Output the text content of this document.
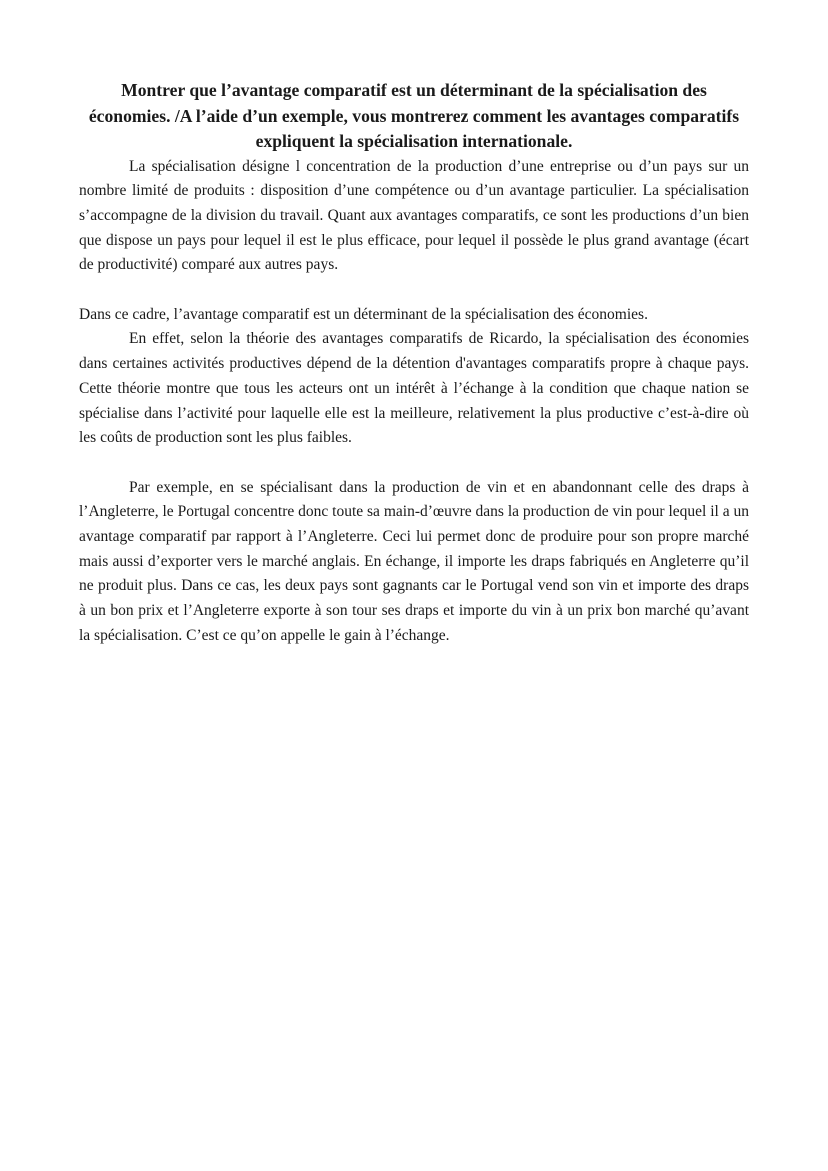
Montrer que l’avantage comparatif est un déterminant de la spécialisation des économies. /A l’aide d’un exemple, vous montrerez comment les avantages comparatifs expliquent la spécialisation internationale.

La spécialisation désigne l concentration de la production d’une entreprise ou d’un pays sur un nombre limité de produits : disposition d’une compétence ou d’un avantage particulier. La spécialisation s’accompagne de la division du travail. Quant aux avantages comparatifs, ce sont les productions d’un bien que dispose un pays pour lequel il est le plus efficace, pour lequel il possède le plus grand avantage (écart de productivité) comparé aux autres pays.

Dans ce cadre, l’avantage comparatif est un déterminant de la spécialisation des économies.

En effet, selon la théorie des avantages comparatifs de Ricardo, la spécialisation des économies dans certaines activités productives dépend de la détention d'avantages comparatifs propre à chaque pays. Cette théorie montre que tous les acteurs ont un intérêt à l’échange à la condition que chaque nation se spécialise dans l’activité pour laquelle elle est la meilleure, relativement la plus productive c’est-à-dire où les coûts de production sont les plus faibles.

Par exemple, en se spécialisant dans la production de vin et en abandonnant celle des draps à l’Angleterre, le Portugal concentre donc toute sa main-d’œuvre dans la production de vin pour lequel il a un avantage comparatif par rapport à l’Angleterre. Ceci lui permet donc de produire pour son propre marché mais aussi d’exporter vers le marché anglais. En échange, il importe les draps fabriqués en Angleterre qu’il ne produit plus. Dans ce cas, les deux pays sont gagnants car le Portugal vend son vin et importe des draps à un bon prix et l’Angleterre exporte à son tour ses draps et importe du vin à un prix bon marché qu’avant la spécialisation. C’est ce qu’on appelle le gain à l’échange.
